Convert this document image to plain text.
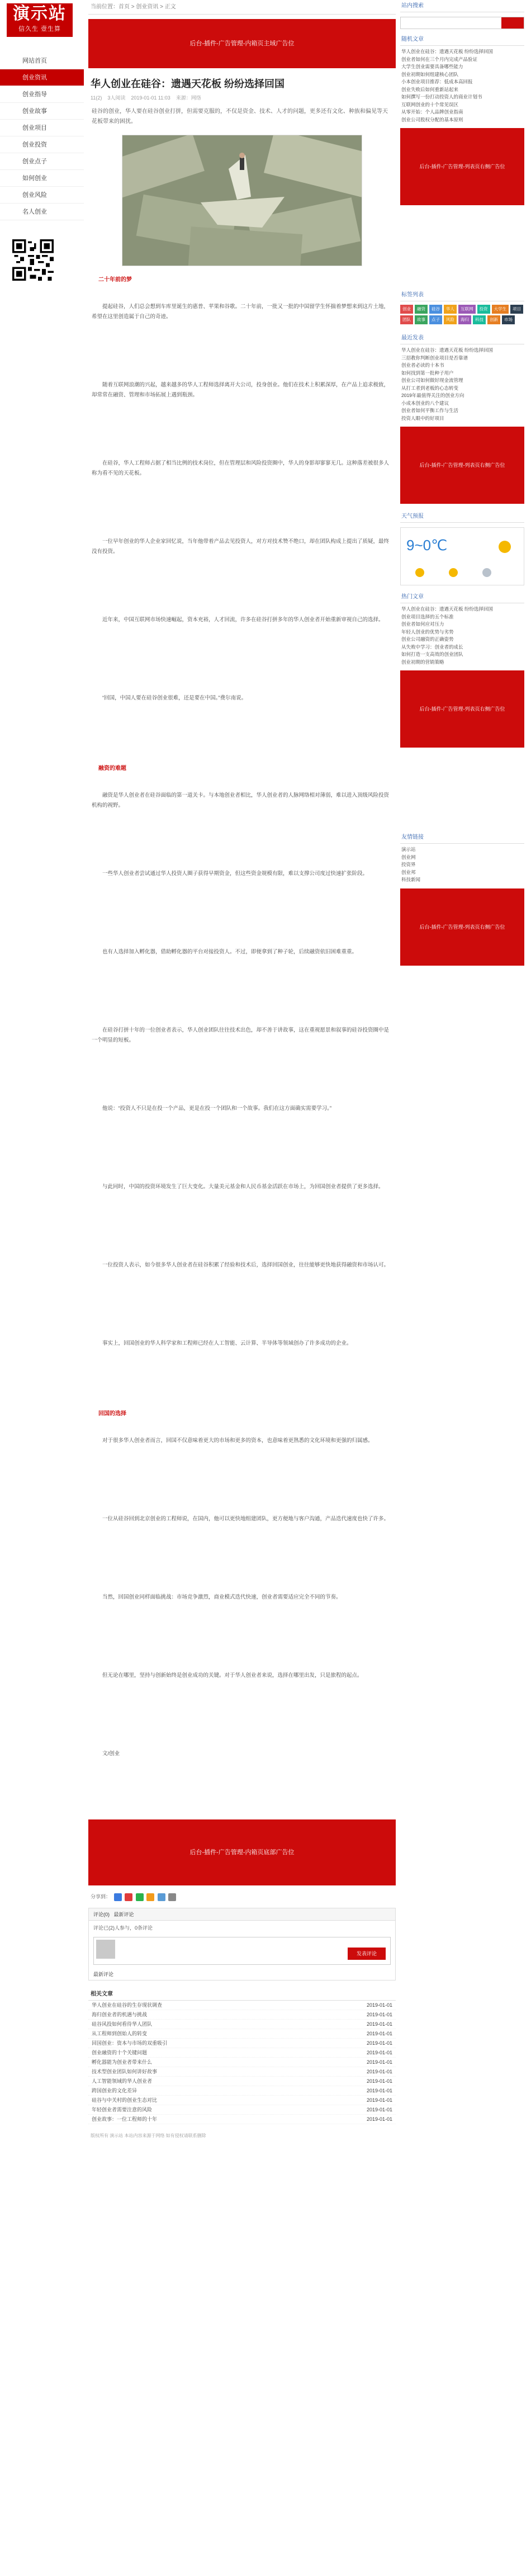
演示站
信久生 壹生算
网站首页
创业资讯
创业指导
创业故事
创业项目
创业投资
创业点子
如何创业
创业风险
名人创业
当前位置：首页 > 创业资讯 > 正文
后台-插件-广告管理-内箱页主域广告位
华人创业在硅谷：遗遇天花板 纷纷选择回国
11(2) 3人阅读 2019-01-01 11:03 来源：网络
硅谷的创业，华人要在硅谷创业打拼，但需要克服的，不仅是资金、技术、人才的问题，更多还有文化、种族和偏见等天花板带来的困扰。
二十年前的梦

提起硅谷，人们总会想到车库里诞生的惠普、苹果和谷歌。二十年前，一批又一批的中国留学生怀揣着梦想来到这片土地，希望在这里创造属于自己的奇迹。

随着互联网浪潮的兴起，越来越多的华人工程师选择离开大公司，投身创业。他们在技术上积累深厚，在产品上追求极致，却常常在融资、管理和市场拓展上遇到瓶颈。

在硅谷，华人工程师占据了相当比例的技术岗位，但在管理层和风险投资圈中，华人的身影却寥寥无几。这种落差被很多人称为看不见的天花板。

一位早年创业的华人企业家回忆说，当年他带着产品去见投资人，对方对技术赞不绝口，却在团队构成上提出了质疑，最终没有投资。

近年来，中国互联网市场快速崛起，资本充裕，人才回流，许多在硅谷打拼多年的华人创业者开始重新审视自己的选择。

“回国，中国人要在硅谷创业很难，还是要在中国。”费尔南说。

融资的难题

融资是华人创业者在硅谷面临的第一道关卡。与本地创业者相比，华人创业者的人脉网络相对薄弱，难以进入顶级风险投资机构的视野。

一些华人创业者尝试通过华人投资人圈子获得早期资金，但这些资金规模有限，难以支撑公司度过快速扩张阶段。

也有人选择加入孵化器，借助孵化器的平台对接投资人。不过，即便拿到了种子轮，后续融资依旧困难重重。

在硅谷打拼十年的一位创业者表示，华人创业团队往往技术出色，却不善于讲故事，这在重视愿景和叙事的硅谷投资圈中是一个明显的短板。

他说：“投资人不只是在投一个产品，更是在投一个团队和一个故事。我们在这方面确实需要学习。”

与此同时，中国的投资环境发生了巨大变化。大量美元基金和人民币基金活跃在市场上，为回国创业者提供了更多选择。

一位投资人表示，如今很多华人创业者在硅谷积累了经验和技术后，选择回国创业，往往能够更快地获得融资和市场认可。

事实上，回国创业的华人科学家和工程师已经在人工智能、云计算、半导体等领域创办了许多成功的企业。

回国的选择

对于很多华人创业者而言，回国不仅意味着更大的市场和更多的资本，也意味着更熟悉的文化环境和更强的归属感。

一位从硅谷回到北京创业的工程师说，在国内，他可以更快地组建团队，更方便地与客户沟通，产品迭代速度也快了许多。

当然，回国创业同样面临挑战：市场竞争激烈，商业模式迭代快速，创业者需要适应完全不同的节奏。

但无论在哪里，坚持与创新始终是创业成功的关键。对于华人创业者来说，选择在哪里出发，只是旅程的起点。

文/创业

后台-插件-广告管理-内箱页底部广告位
分享到：
评论(0) 最新评论
评论已(2)人参与，0条评论
发表评论
最新评论
相关文章
华人创业在硅谷的生存现状调查	2019-01-01
海归创业者的机遇与挑战	2019-01-01
硅谷风投如何看待华人团队	2019-01-01
从工程师到创始人的转变	2019-01-01
回国创业：资本与市场的双重吸引	2019-01-01
创业融资的十个关键问题	2019-01-01
孵化器能为创业者带来什么	2019-01-01
技术型创业团队如何讲好故事	2019-01-01
人工智能领域的华人创业者	2019-01-01
跨国创业的文化差异	2019-01-01
硅谷与中关村的创业生态对比	2019-01-01
年轻创业者需要注意的风险	2019-01-01
创业故事：一位工程师的十年	2019-01-01
版权所有 演示站 本站内容来源于网络 如有侵权请联系删除
站内搜索
随机文章
华人创业在硅谷：遗遇天花板 纷纷选择回国
创业者如何在三个月内完成产品验证
大学生创业需要具备哪些能力
创业初期如何组建核心团队
小本创业项目推荐：低成本高回报
创业失败后如何重新站起来
如何撰写一份打动投资人的商业计划书
互联网创业的十个常见误区
从零开始：个人品牌创业指南
创业公司股权分配的基本原则
后台-插件-广告管理-列表页右侧广告位
标签列表
创业	融资	硅谷	华人	互联网	投资	大学生	项目
团队	故事	点子	风险	海归	科技	创新	市场
最近发表
华人创业在硅谷：遗遇天花板 纷纷选择回国
三招教你判断创业项目是否靠谱
创业者必读的十本书
如何找到第一批种子用户
创业公司如何做好现金流管理
从打工者到老板的心态转变
2019年最值得关注的创业方向
小成本创业的八个建议
创业者如何平衡工作与生活
投资人眼中的好项目
后台-插件-广告管理-列表页右侧广告位
天气预报
9~0℃
热门文章
华人创业在硅谷：遗遇天花板 纷纷选择回国
创业项目选择的五个标准
创业者如何应对压力
年轻人创业的优势与劣势
创业公司融资的正确姿势
从失败中学习：创业者的成长
如何打造一支高效的创业团队
创业初期的营销策略
后台-插件-广告管理-列表页右侧广告位
友情链接
演示站
创业网
投资界
创业邦
科技新闻
后台-插件-广告管理-列表页右侧广告位
